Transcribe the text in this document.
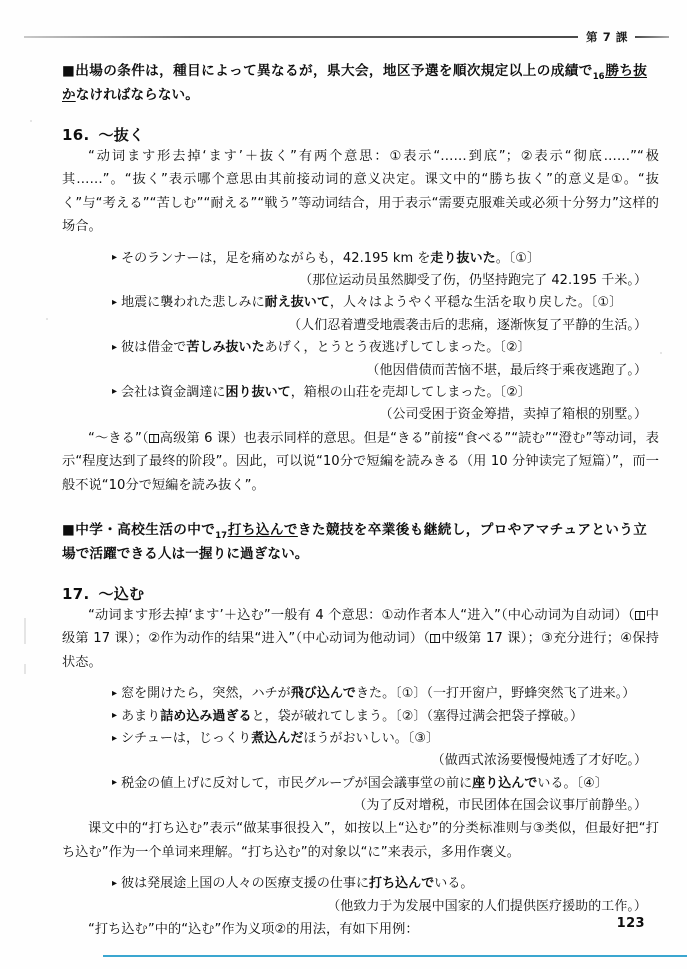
第 7 課

■出場の条件は，種目によって異なるが，県大会，地区予選を順次規定以上の成績で$_{16}$勝ち抜かなければならない。

16. ～抜く

“动词ます形去掉‘ます’＋抜く”有两个意思：①表示“……到底”；②表示“彻底……”“极其……”。“抜く”表示哪个意思由其前接动词的意义决定。课文中的“勝ち抜く”的意义是①。“抜く”与“考える”“苦しむ”“耐える”“戦う”等动词结合，用于表示“需要克服难关或必须十分努力”这样的场合。

▸ そのランナーは，足を痛めながらも，42.195 km を走り抜いた。〔①〕

（那位运动员虽然脚受了伤，仍坚持跑完了 42.195 千米。）

▸ 地震に襲われた悲しみに耐え抜いて，人々はようやく平穏な生活を取り戻した。〔①〕

（人们忍着遭受地震袭击后的悲痛，逐渐恢复了平静的生活。）

▸ 彼は借金で苦しみ抜いたあげく，とうとう夜逃げしてしまった。〔②〕

（他因借债而苦恼不堪，最后终于乘夜逃跑了。）

▸ 会社は資金調達に困り抜いて，箱根の山荘を売却してしまった。〔②〕

（公司受困于资金筹措，卖掉了箱根的别墅。）

“～きる”（ 高级第 6 课）也表示同样的意思。但是“きる”前接“食べる”“読む”“澄む”等动词，表示“程度达到了最终的阶段”。因此，可以说“10分で短編を読みきる（用 10 分钟读完了短篇）”，而一般不说“10分で短編を読み抜く”。

■中学・高校生活の中で$_{17}$打ち込んできた競技を卒業後も継続し，プロやアマチュアという立場で活躍できる人は一握りに過ぎない。

17. ～込む

“动词ます形去掉‘ます’＋込む”一般有 4 个意思：①动作者本人“进入”（中心动词为自动词）（ 中级第 17 课）；②作为动作的结果“进入”（中心动词为他动词）（ 中级第 17 课）；③充分进行；④保持状态。

▸ 窓を開けたら，突然，ハチが飛び込んできた。〔①〕（一打开窗户，野蜂突然飞了进来。）

▸ あまり詰め込み過ぎると，袋が破れてしまう。〔②〕（塞得过满会把袋子撑破。）

▸ シチューは，じっくり煮込んだほうがおいしい。〔③〕

（做西式浓汤要慢慢炖透了才好吃。）

▸ 税金の値上げに反対して，市民グループが国会議事堂の前に座り込んでいる。〔④〕

（为了反对增税，市民团体在国会议事厅前静坐。）

课文中的“打ち込む”表示“做某事很投入”，如按以上“込む”的分类标准则与③类似，但最好把“打ち込む”作为一个单词来理解。“打ち込む”的对象以“に”来表示，多用作褒义。

▸ 彼は発展途上国の人々の医療支援の仕事に打ち込んでいる。

（他致力于为发展中国家的人们提供医疗援助的工作。）

“打ち込む”中的“込む”作为义项②的用法，有如下用例：	123
